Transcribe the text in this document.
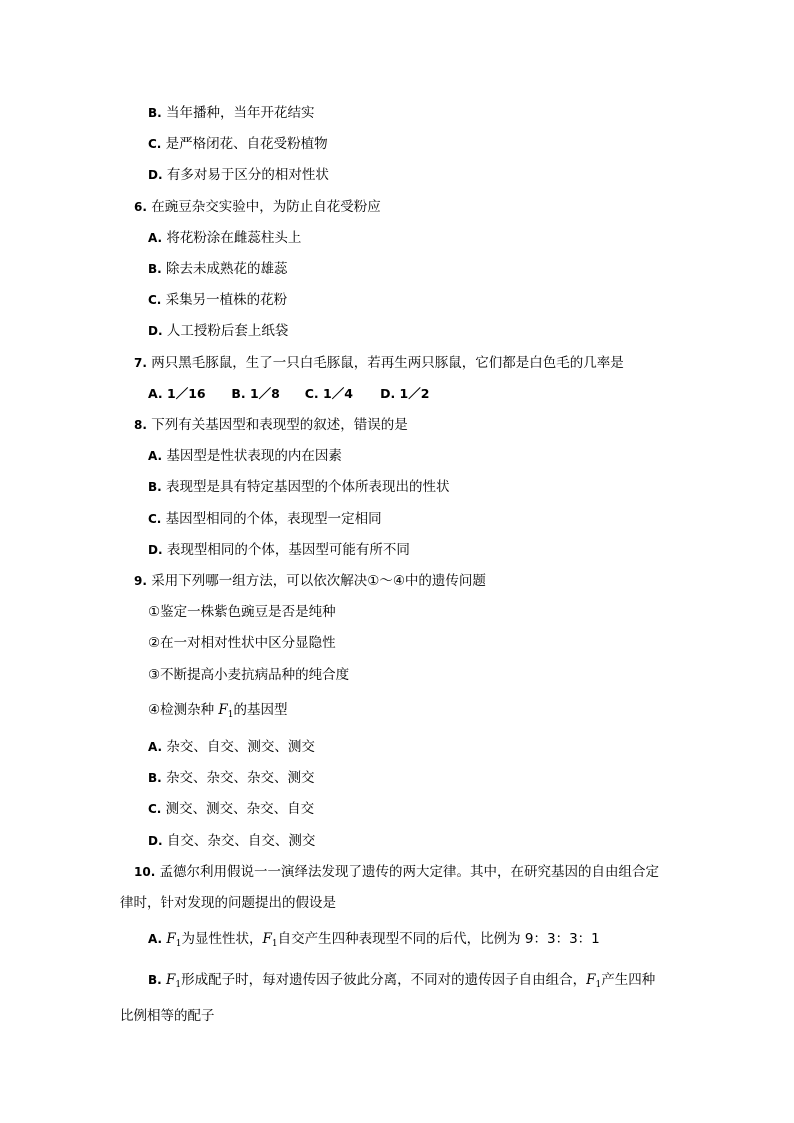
B. 当年播种，当年开花结实
C. 是严格闭花、自花受粉植物
D. 有多对易于区分的相对性状
6. 在豌豆杂交实验中，为防止自花受粉应
A. 将花粉涂在雌蕊柱头上
B. 除去未成熟花的雄蕊
C. 采集另一植株的花粉
D. 人工授粉后套上纸袋
7. 两只黑毛豚鼠，生了一只白毛豚鼠，若再生两只豚鼠，它们都是白色毛的几率是
A. 1／16 B. 1／8 C. 1／4 D. 1／2
8. 下列有关基因型和表现型的叙述，错误的是
A. 基因型是性状表现的内在因素
B. 表现型是具有特定基因型的个体所表现出的性状
C. 基因型相同的个体，表现型一定相同
D. 表现型相同的个体，基因型可能有所不同
9. 采用下列哪一组方法，可以依次解决①～④中的遗传问题
①鉴定一株紫色豌豆是否是纯种
②在一对相对性状中区分显隐性
③不断提高小麦抗病品种的纯合度
④检测杂种 $F_1$的基因型
A. 杂交、自交、测交、测交
B. 杂交、杂交、杂交、测交
C. 测交、测交、杂交、自交
D. 自交、杂交、自交、测交
10. 孟德尔利用假说一一演绎法发现了遗传的两大定律。其中，在研究基因的自由组合定
律时，针对发现的问题提出的假设是
A. $F_1$为显性性状，$F_1$自交产生四种表现型不同的后代，比例为 9：3：3：1
B. $F_1$形成配子时，每对遗传因子彼此分离，不同对的遗传因子自由组合，$F_1$产生四种
比例相等的配子
